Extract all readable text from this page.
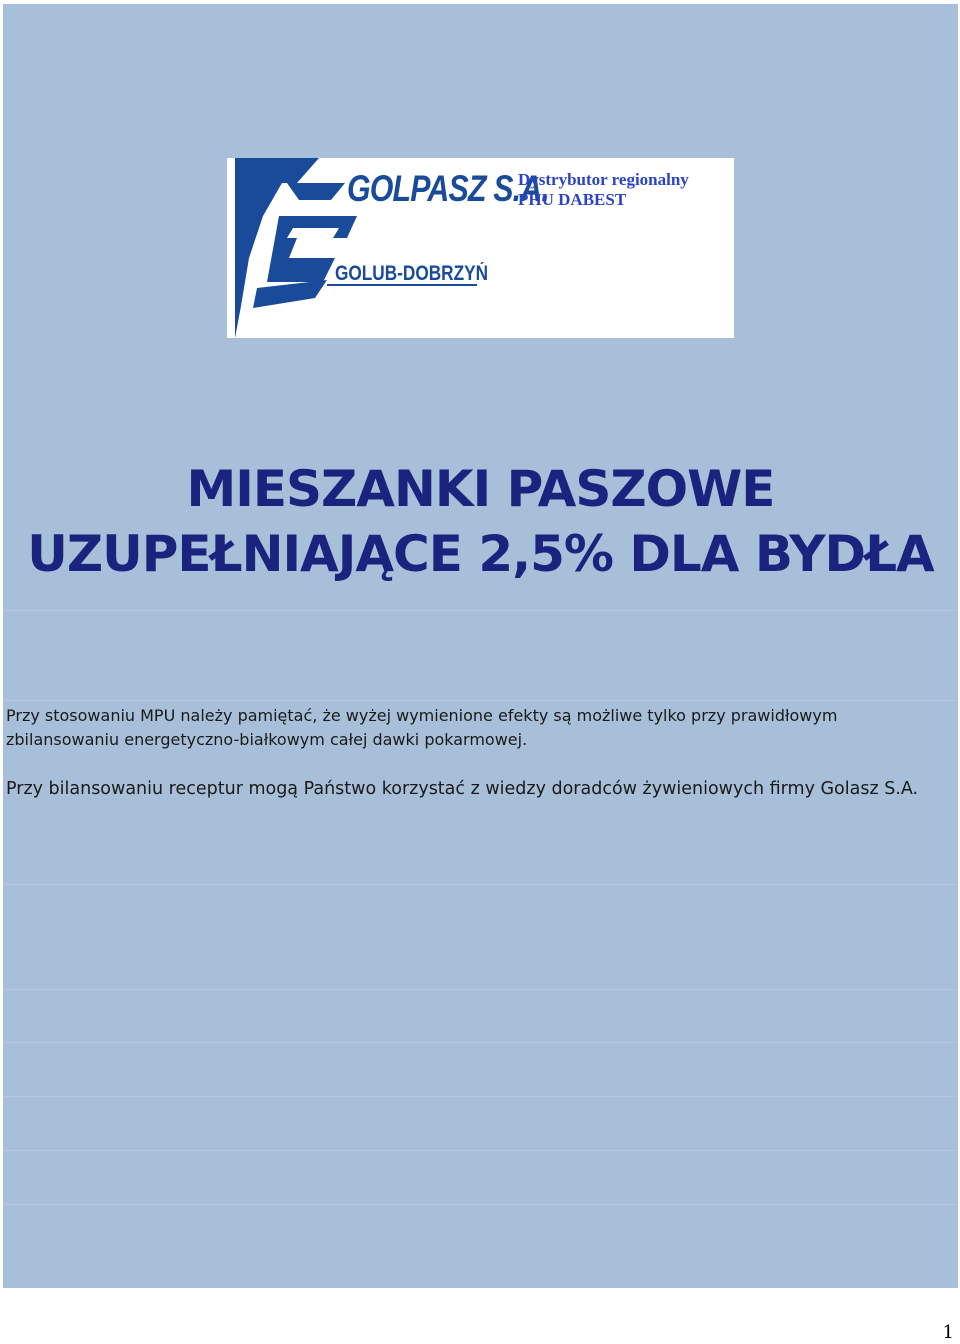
GOLPASZ S.A.
GOLUB-DOBRZYŃ
Dystrybutor regionalny
PHU DABEST
MIESZANKI PASZOWE
UZUPEŁNIAJĄCE 2,5% DLA BYDŁA
Przy stosowaniu MPU należy pamiętać, że wyżej wymienione efekty są możliwe tylko przy prawidłowym zbilansowaniu energetyczno-białkowym całej dawki pokarmowej.
Przy bilansowaniu receptur mogą Państwo korzystać z wiedzy doradców żywieniowych firmy Golasz S.A.
1
